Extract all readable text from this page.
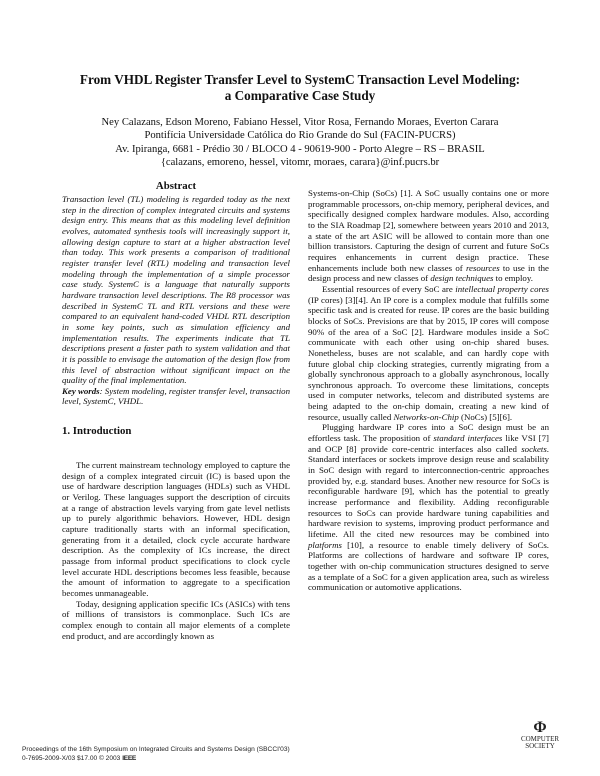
From VHDL Register Transfer Level to SystemC Transaction Level Modeling:
a Comparative Case Study
Ney Calazans, Edson Moreno, Fabiano Hessel, Vitor Rosa, Fernando Moraes, Everton Carara
Pontifícia Universidade Católica do Rio Grande do Sul (FACIN-PUCRS)
Av. Ipiranga, 6681 - Prédio 30 / BLOCO 4 - 90619-900 - Porto Alegre – RS – BRASIL
{calazans, emoreno, hessel, vitomr, moraes, carara}@inf.pucrs.br
Abstract

Transaction level (TL) modeling is regarded today as the next step in the direction of complex integrated circuits and systems design entry. This means that as this modeling level definition evolves, automated synthesis tools will increasingly support it, allowing design capture to start at a higher abstraction level than today. This work presents a comparison of traditional register transfer level (RTL) modeling and transaction level modeling through the implementation of a simple processor case study. SystemC is a language that naturally supports hardware transaction level descriptions. The R8 processor was described in SystemC TL and RTL versions and these were compared to an equivalent hand-coded VHDL RTL description in some key points, such as simulation efficiency and implementation results. The experiments indicate that TL descriptions present a faster path to system validation and that it is possible to envisage the automation of the design flow from this level of abstraction without significant impact on the quality of the final implementation.

Key words: System modeling, register transfer level, transaction level, SystemC, VHDL.

1. Introduction

The current mainstream technology employed to capture the design of a complex integrated circuit (IC) is based upon the use of hardware description languages (HDLs) such as VHDL or Verilog. These languages support the description of circuits at a range of abstraction levels varying from gate level netlists up to purely algorithmic behaviors. However, HDL design capture traditionally starts with an informal specification, generating from it a detailed, clock cycle accurate hardware description. As the complexity of ICs increase, the direct passage from informal product specifications to clock cycle level accurate HDL descriptions becomes less feasible, because the amount of information to aggregate to a specification becomes unmanageable.

Today, designing application specific ICs (ASICs) with tens of millions of transistors is commonplace. Such ICs are complex enough to contain all major elements of a complete end product, and are accordingly known as

Systems-on-Chip (SoCs) [1]. A SoC usually contains one or more programmable processors, on-chip memory, peripheral devices, and specifically designed complex hardware modules. Also, according to the SIA Roadmap [2], somewhere between years 2010 and 2013, a state of the art ASIC will be allowed to contain more than one billion transistors. Capturing the design of current and future SoCs requires enhancements in current design practice. These enhancements include both new classes of resources to use in the design process and new classes of design techniques to employ.

Essential resources of every SoC are intellectual property cores (IP cores) [3][4]. An IP core is a complex module that fulfills some specific task and is created for reuse. IP cores are the basic building blocks of SoCs. Previsions are that by 2015, IP cores will compose 90% of the area of a SoC [2]. Hardware modules inside a SoC communicate with each other using on-chip shared buses. Nonetheless, buses are not scalable, and can hardly cope with future global chip clocking strategies, currently migrating from a globally synchronous approach to a globally asynchronous, locally synchronous approach. To overcome these limitations, concepts used in computer networks, telecom and distributed systems are being adapted to the on-chip domain, creating a new kind of resource, usually called Networks-on-Chip (NoCs) [5][6].

Plugging hardware IP cores into a SoC design must be an effortless task. The proposition of standard interfaces like VSI [7] and OCP [8] provide core-centric interfaces also called sockets. Standard interfaces or sockets improve design reuse and scalability in SoC design with regard to interconnection-centric approaches provided by, e.g. standard buses. Another new resource for SoCs is reconfigurable hardware [9], which has the potential to greatly increase performance and flexibility. Adding reconfigurable resources to SoCs can provide hardware tuning capabilities and hardware revision to systems, improving product performance and lifetime. All the cited new resources may be combined into platforms [10], a resource to enable timely delivery of SoCs. Platforms are collections of hardware and software IP cores, together with on-chip communication structures designed to serve as a template of a SoC for a given application area, such as wireless communication or automotive applications.

Proceedings of the 16th Symposium on Integrated Circuits and Systems Design (SBCCI'03)
0-7695-2009-X/03 $17.00 © 2003 IEEE
Φ
COMPUTER
SOCIETY
